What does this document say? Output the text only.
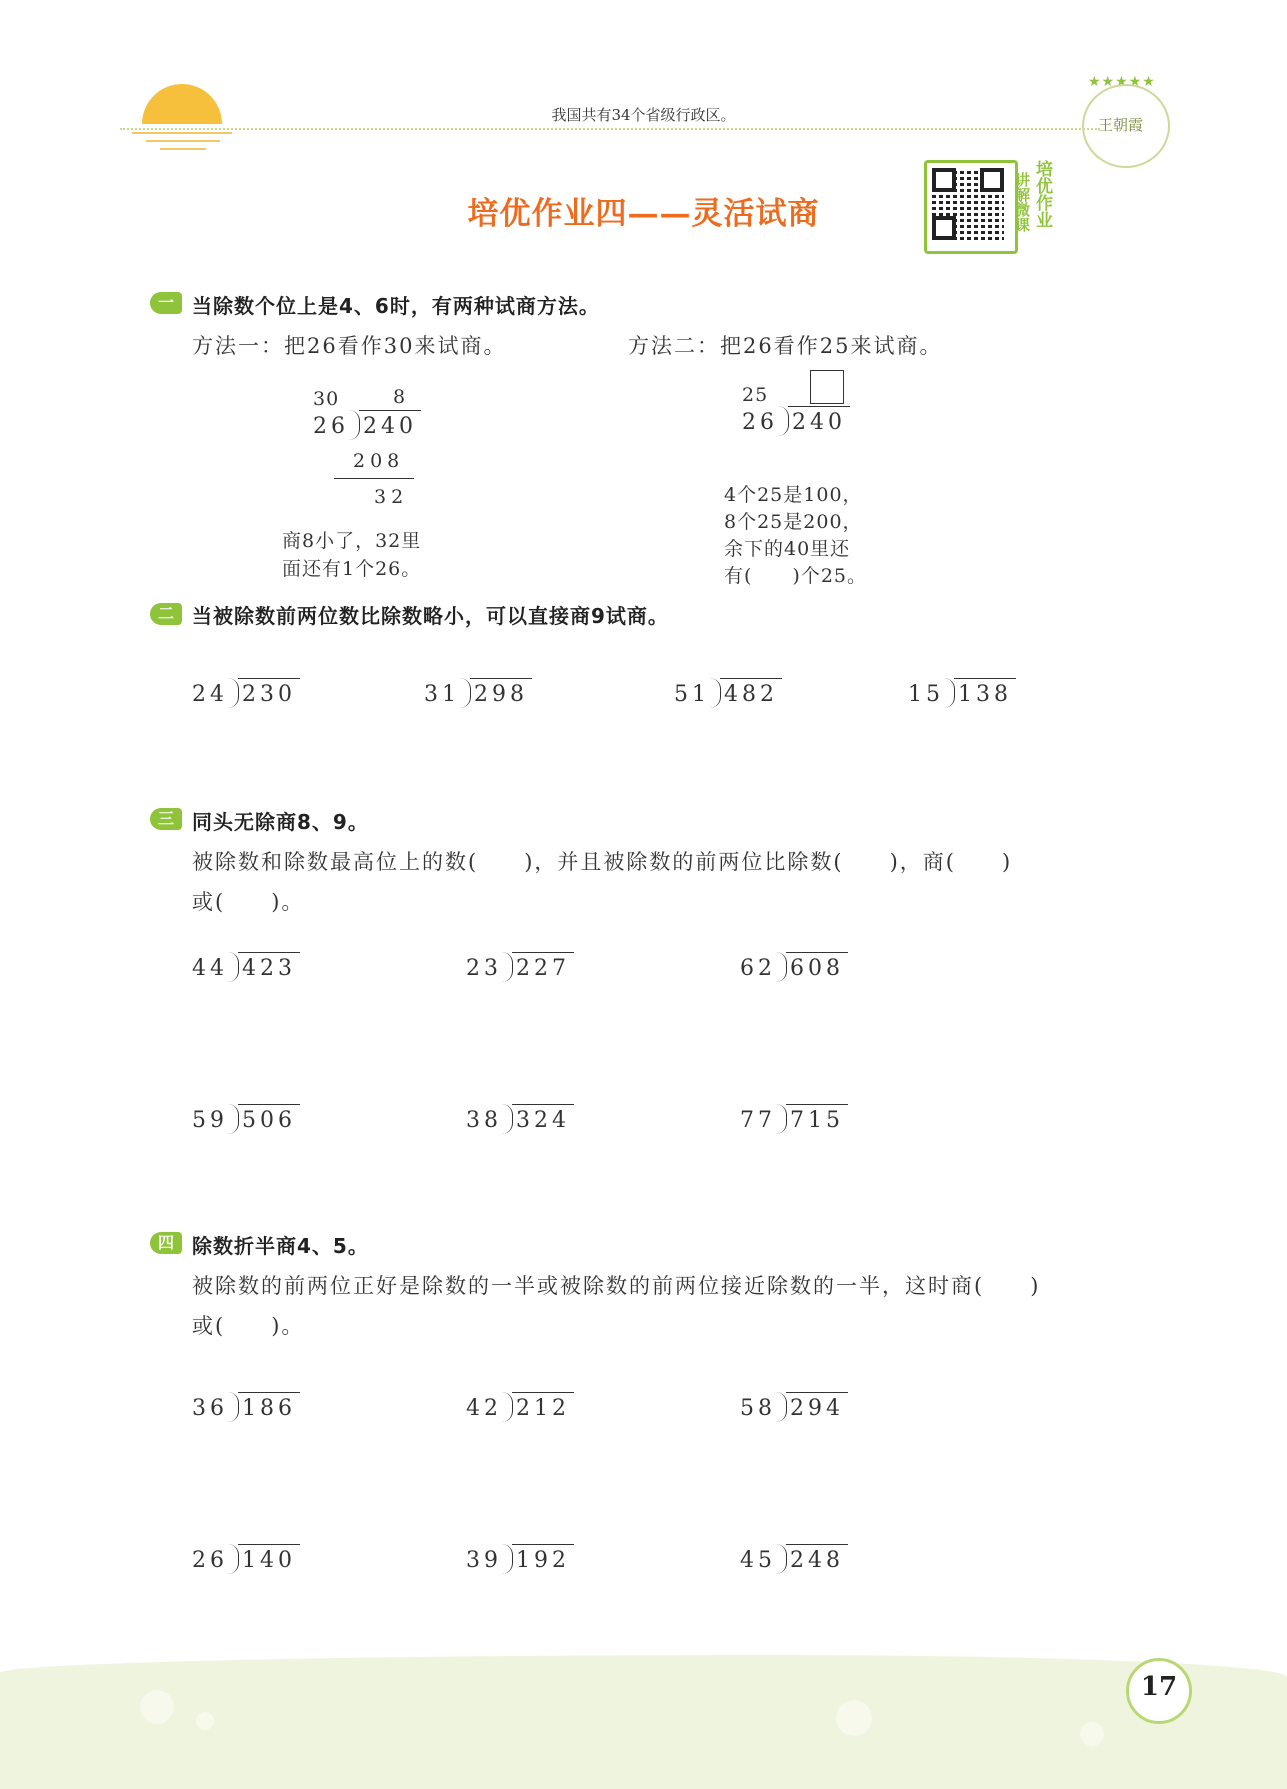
我国共有34个省级行政区。
★★★★★
王朝霞
培优作业四——灵活试商	培优作业
讲解微课
一 当除数个位上是4、6时，有两种试商方法。
方法一：把26看作30来试商。	方法二：把26看作25来试商。
30	8
26 240
208
32
商8小了，32里
面还有1个26。
25
26 240
4个25是100，
8个25是200，
余下的40里还
有(　　)个25。
二 当被除数前两位数比除数略小，可以直接商9试商。
24 230	31 298	51 482	15 138
三 同头无除商8、9。
被除数和除数最高位上的数(　　)，并且被除数的前两位比除数(　　)，商(　　)
或(　　)。
44 423	23 227	62 608
59 506	38 324	77 715
四 除数折半商4、5。
被除数的前两位正好是除数的一半或被除数的前两位接近除数的一半，这时商(　　)
或(　　)。
36 186	42 212	58 294
26 140	39 192	45 248
17
